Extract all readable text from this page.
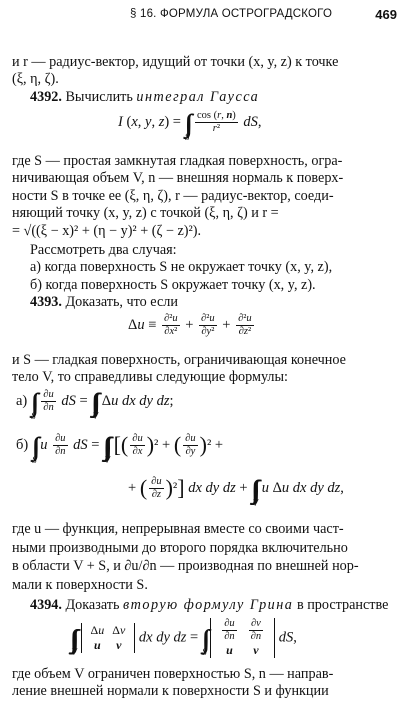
§ 16. ФОРМУЛА ОСТРОГРАДСКОГО	469
и r — радиус-вектор, идущий от точки (x, y, z) к точке
(ξ, η, ζ).
4392. Вычислить интеграл Гаусса
I (x, y, $z) = \int\int_S$
$\frac{\cos (r, n)}{\text{r²}}$ dS,
где S — простая замкнутая гладкая поверхность, огра-
ничивающая объем V, n — внешняя нормаль к поверх-
ности S в точке ее (ξ, η, ζ), r — радиус-вектор, соеди-
няющий точку (x, y, z) с точкой (ξ, η, ζ) и r =
= √((ξ − x)² + (η − y)² + (ζ − z)²).
Рассмотреть два случая:
а) когда поверхность S не окружает точку (x, y, z),
б) когда поверхность S окружает точку (x, y, z).
4393. Доказать, что если
$\Delta u \equiv \frac{\text{∂²u}}{\text{∂x²}} + \frac{\text{∂²u}}{\text{∂y²}} + \frac{\text{∂²u}}{\text{∂z²}}$
и S — гладкая поверхность, ограничивающая конечное
тело V, то справедливы следующие формулы:
а) $\int\int_S$
$\frac{\partial u}{\partial n}$ dS = $\int\int\int_V$ Δu dx dy dz;
б) $\int\int_S$ u $\frac{\partial u}{\partial n}$ dS = $\int\int\int_V$ [( $\frac{\partial u}{\partial x} )^2$ + ( $\frac{\partial u}{\partial y} )^2$ +
+ ( $\frac{\partial u}{\partial z} )^2$] dx dy dz + $\int\int\int_V$ u Δu dx dy dz,
где u — функция, непрерывная вместе со своими част-
ными производными до второго порядка включительно
в области V + S, и ∂u/∂n — производная по внешней нор-
мали к поверхности S.
4394. Доказать вторую формулу Грина в пространстве
$\int\int\int_V$
Δu	Δv
u	v dx dy dz = $\int\int_S$
$\frac{\partial u}{\partial n}$	$\frac{\partial v}{\partial n}$

u	v
dS,
где объем V ограничен поверхностью S, n — направ-
ление внешней нормали к поверхности S и функции
